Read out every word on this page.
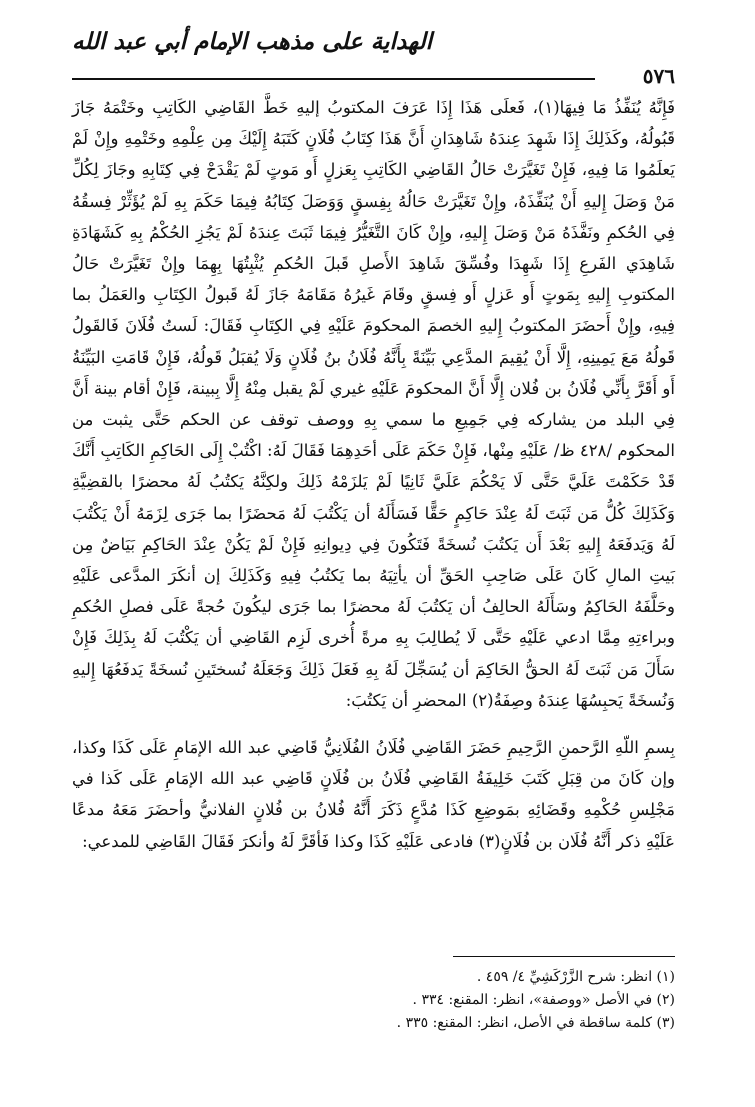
الهداية على مذهب الإمام أبي عبد الله
٥٧٦

فَإِنَّهُ يُنَفِّذُ مَا فِيهَا(١)، فَعلَى هَذَا إِذَا عَرَفَ المكتوبُ إليهِ خَطَّ القَاضِي الكَاتِبِ وخَتْمَهُ جَازَ قَبُولُهُ، وكَذَلِكَ إِذَا شَهِدَ عِندَهُ شَاهِدَانِ أَنَّ هَذَا كِتَابُ فُلَانٍ كَتَبَهُ إِلَيْكَ مِن عِلْمِهِ وخَتْمِهِ وإِنْ لَمْ يَعلَمُوا مَا فِيهِ، فَإِنْ تَغَيَّرَتْ حَالُ القَاضِي الكَاتِبِ بِعَزلٍ أَو مَوتٍ لَمْ يَقْدَحْ فِي كِتَابِهِ وجَازَ لِكُلِّ مَنْ وَصَلَ إِليهِ أَنْ يُنَفِّذَهُ، وإِنْ تَغَيَّرَتْ حَالُهُ بِفِسقٍ وَوَصَلَ كِتَابُهُ فِيمَا حَكَمَ بِهِ لَمْ يُؤَثِّرْ فِسقُهُ فِي الحُكمِ ونَفَّذَهُ مَنْ وَصَلَ إِليهِ، وإِنْ كَانَ التَّغَيُّرُ فِيمَا ثَبَتَ عِندَهُ لَمْ يَجُزِ الحُكْمُ بِهِ كَشَهَادَةِ شَاهِدَي الفَرعِ إِذَا شَهِدَا وفُسِّقَ شَاهِدَ الأَصلِ قَبلَ الحُكمِ يُثْبِتُهَا بِهِمَا وإِنْ تَغَيَّرَتْ حَالُ المكتوبِ إِليهِ بِمَوتٍ أَو عَزلٍ أَو فِسقٍ وقَامَ غَيرُهُ مَقَامَهُ جَازَ لَهُ قَبولُ الكِتَابِ والعَمَلُ بما فِيهِ، وإِنْ أَحضَرَ المكتوبُ إِليهِ الخصمَ المحكومَ عَلَيْهِ فِي الكِتَابِ فَقَالَ: لَستُ فُلَانَ فَالقَولُ قَولُهُ مَعَ يَمِينِهِ، إِلَّا أَنْ يُقِيمَ المدَّعِي بَيِّنَةً بِأَنَّهُ فُلَانُ بنُ فُلَانٍ وَلَا يُقبَلُ قَولُهُ، فَإِنْ قَامَتِ البَيِّنَةُ أَو أَقَرَّ بِأَنِّي فُلَانُ بن فُلان إِلَّا أَنَّ المحكومَ عَلَيْهِ غيري لَمْ يقبل مِنْهُ إِلَّا بِبينة، فَإِنْ أقام بينة أَنَّ فِي البلد من يشاركه فِي جَمِيعِ ما سمي بِهِ ووصف توقف عن الحكم حَتَّى يثبت من المحكوم /٤٢٨ ظ/ عَلَيْهِ مِنْها، فَإِنْ حَكَمَ عَلَى أحَدِهِمَا فَقَالَ لَهُ: اكْتُبْ إِلَى الحَاكِمِ الكَاتِبِ أَنَّكَ قَدْ حَكَمْتَ عَلَيَّ حَتَّى لَا يَحْكُمَ عَلَيَّ ثَانِيًا لَمْ يَلزَمْهُ ذَلِكَ ولكِنَّهُ يَكتُبُ لَهُ محضرًا بالقضِيَّةِ وَكَذَلِكَ كُلُّ مَن ثَبَتَ لَهُ عِنْدَ حَاكِمٍ حَقًّا فَسَأَلَهُ أن يَكْتُبَ لَهُ مَحضَرًا بما جَرَى لِزَمَهُ أَنْ يَكْتُبَ لَهُ وَيَدفَعَهُ إِليهِ بَعْدَ أَن يَكتُبَ نُسخَةً فَتَكُونَ فِي دِيوانِهِ فَإِنْ لَمْ يَكُنْ عِنْدَ الحَاكِمِ بَيَاضٌ مِن بَيتِ المالِ كَانَ عَلَى صَاحِبِ الحَقِّ أن يأتِيَهُ بما يَكتُبُ فِيهِ وَكَذَلِكَ إن أنكَرَ المدَّعى عَلَيْهِ وحَلَّفَهُ الحَاكِمُ وسَأَلَهُ الحالِفُ أن يَكتُبَ لَهُ محضرًا بما جَرَى ليكُونَ حُجةً عَلَى فصلِ الحُكمِ وبراءتِهِ مِمَّا ادعي عَلَيْهِ حَتَّى لَا يُطالِبَ بِهِ مرةً أُخرى لَزِم القَاضِي أن يَكْتُبَ لَهُ بِذَلِكَ فَإِنْ سَأَلَ مَن ثَبَتَ لَهُ الحقُّ الحَاكِمَ أن يُسَجِّلَ لَهُ بِهِ فَعَلَ ذَلِكَ وَجَعَلَهُ نُسختَينِ نُسخَةً يَدفَعُهَا إِليهِ وَنُسخَةً يَحبِسُهَا عِندَهُ وصِفَةُ(٢) المحضرِ أن يَكتُبَ:

بِسمِ اللّهِ الرَّحمنِ الرَّحِيمِ حَضَرَ القَاضِي فُلَانُ الفُلَانِيُّ قَاضِي عبد الله الإمَامِ عَلَى كَذَا وكذا، وإن كَانَ من قِبَلِ كَتَبَ خَلِيفَةُ القَاضِي فُلَانُ بن فُلَانٍ قَاضِي عبد الله الإمَامِ عَلَى كَذا في مَجْلِسِ حُكْمِهِ وقَضَائِهِ بمَوضِعِ كَذَا مُدَّعٍ ذَكَرَ أَنَّهُ فُلانُ بن فُلانٍ الفلانيُّ وأحضَرَ مَعَهُ مدعًا عَلَيْهِ ذكر أَنَّهُ فُلَان بن فُلَانٍ(٣) فادعى عَلَيْهِ كَذَا وكذا فَأقَرَّ لَهُ وأنكرَ فَقَالَ القَاضِي للمدعي:

(١) انظر: شرح الزَّرْكَشِيِّ ٤/ ٤٥٩ .
(٢) في الأصل «ووصفة»، انظر: المقنع: ٣٣٤ .
(٣) كلمة ساقطة في الأصل، انظر: المقنع: ٣٣٥ .
